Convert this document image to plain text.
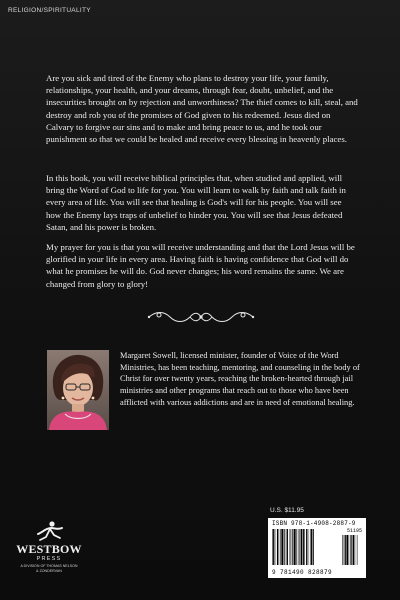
RELIGION/SPIRITUALITY

Are you sick and tired of the Enemy who plans to destroy your life, your family, relationships, your health, and your dreams, through fear, doubt, unbelief, and the insecurities brought on by rejection and unworthiness? The thief comes to kill, steal, and destroy and rob you of the promises of God given to his redeemed. Jesus died on Calvary to forgive our sins and to make and bring peace to us, and he took our punishment so that we could be healed and receive every blessing in heavenly places.

In this book, you will receive biblical principles that, when studied and applied, will bring the Word of God to life for you. You will learn to walk by faith and talk faith in every area of life. You will see that healing is God's will for his people. You will see how the Enemy lays traps of unbelief to hinder you. You will see that Jesus defeated Satan, and his power is broken.

My prayer for you is that you will receive understanding and that the Lord Jesus will be glorified in your life in every area. Having faith is having confidence that God will do what he promises he will do. God never changes; his word remains the same. We are changed from glory to glory!

Margaret Sowell, licensed minister, founder of Voice of the Word Ministries, has been teaching, mentoring, and counseling in the body of Christ for over twenty years, reaching the broken-hearted through jail ministries and other programs that reach out to those who have been afflicted with various addictions and are in need of emotional healing.

U.S. $11.95
ISBN 978-1-4908-2887-9
51195
9 781490 828879
WESTBOW
PRESS
A DIVISION OF THOMAS NELSON
& ZONDERVAN
